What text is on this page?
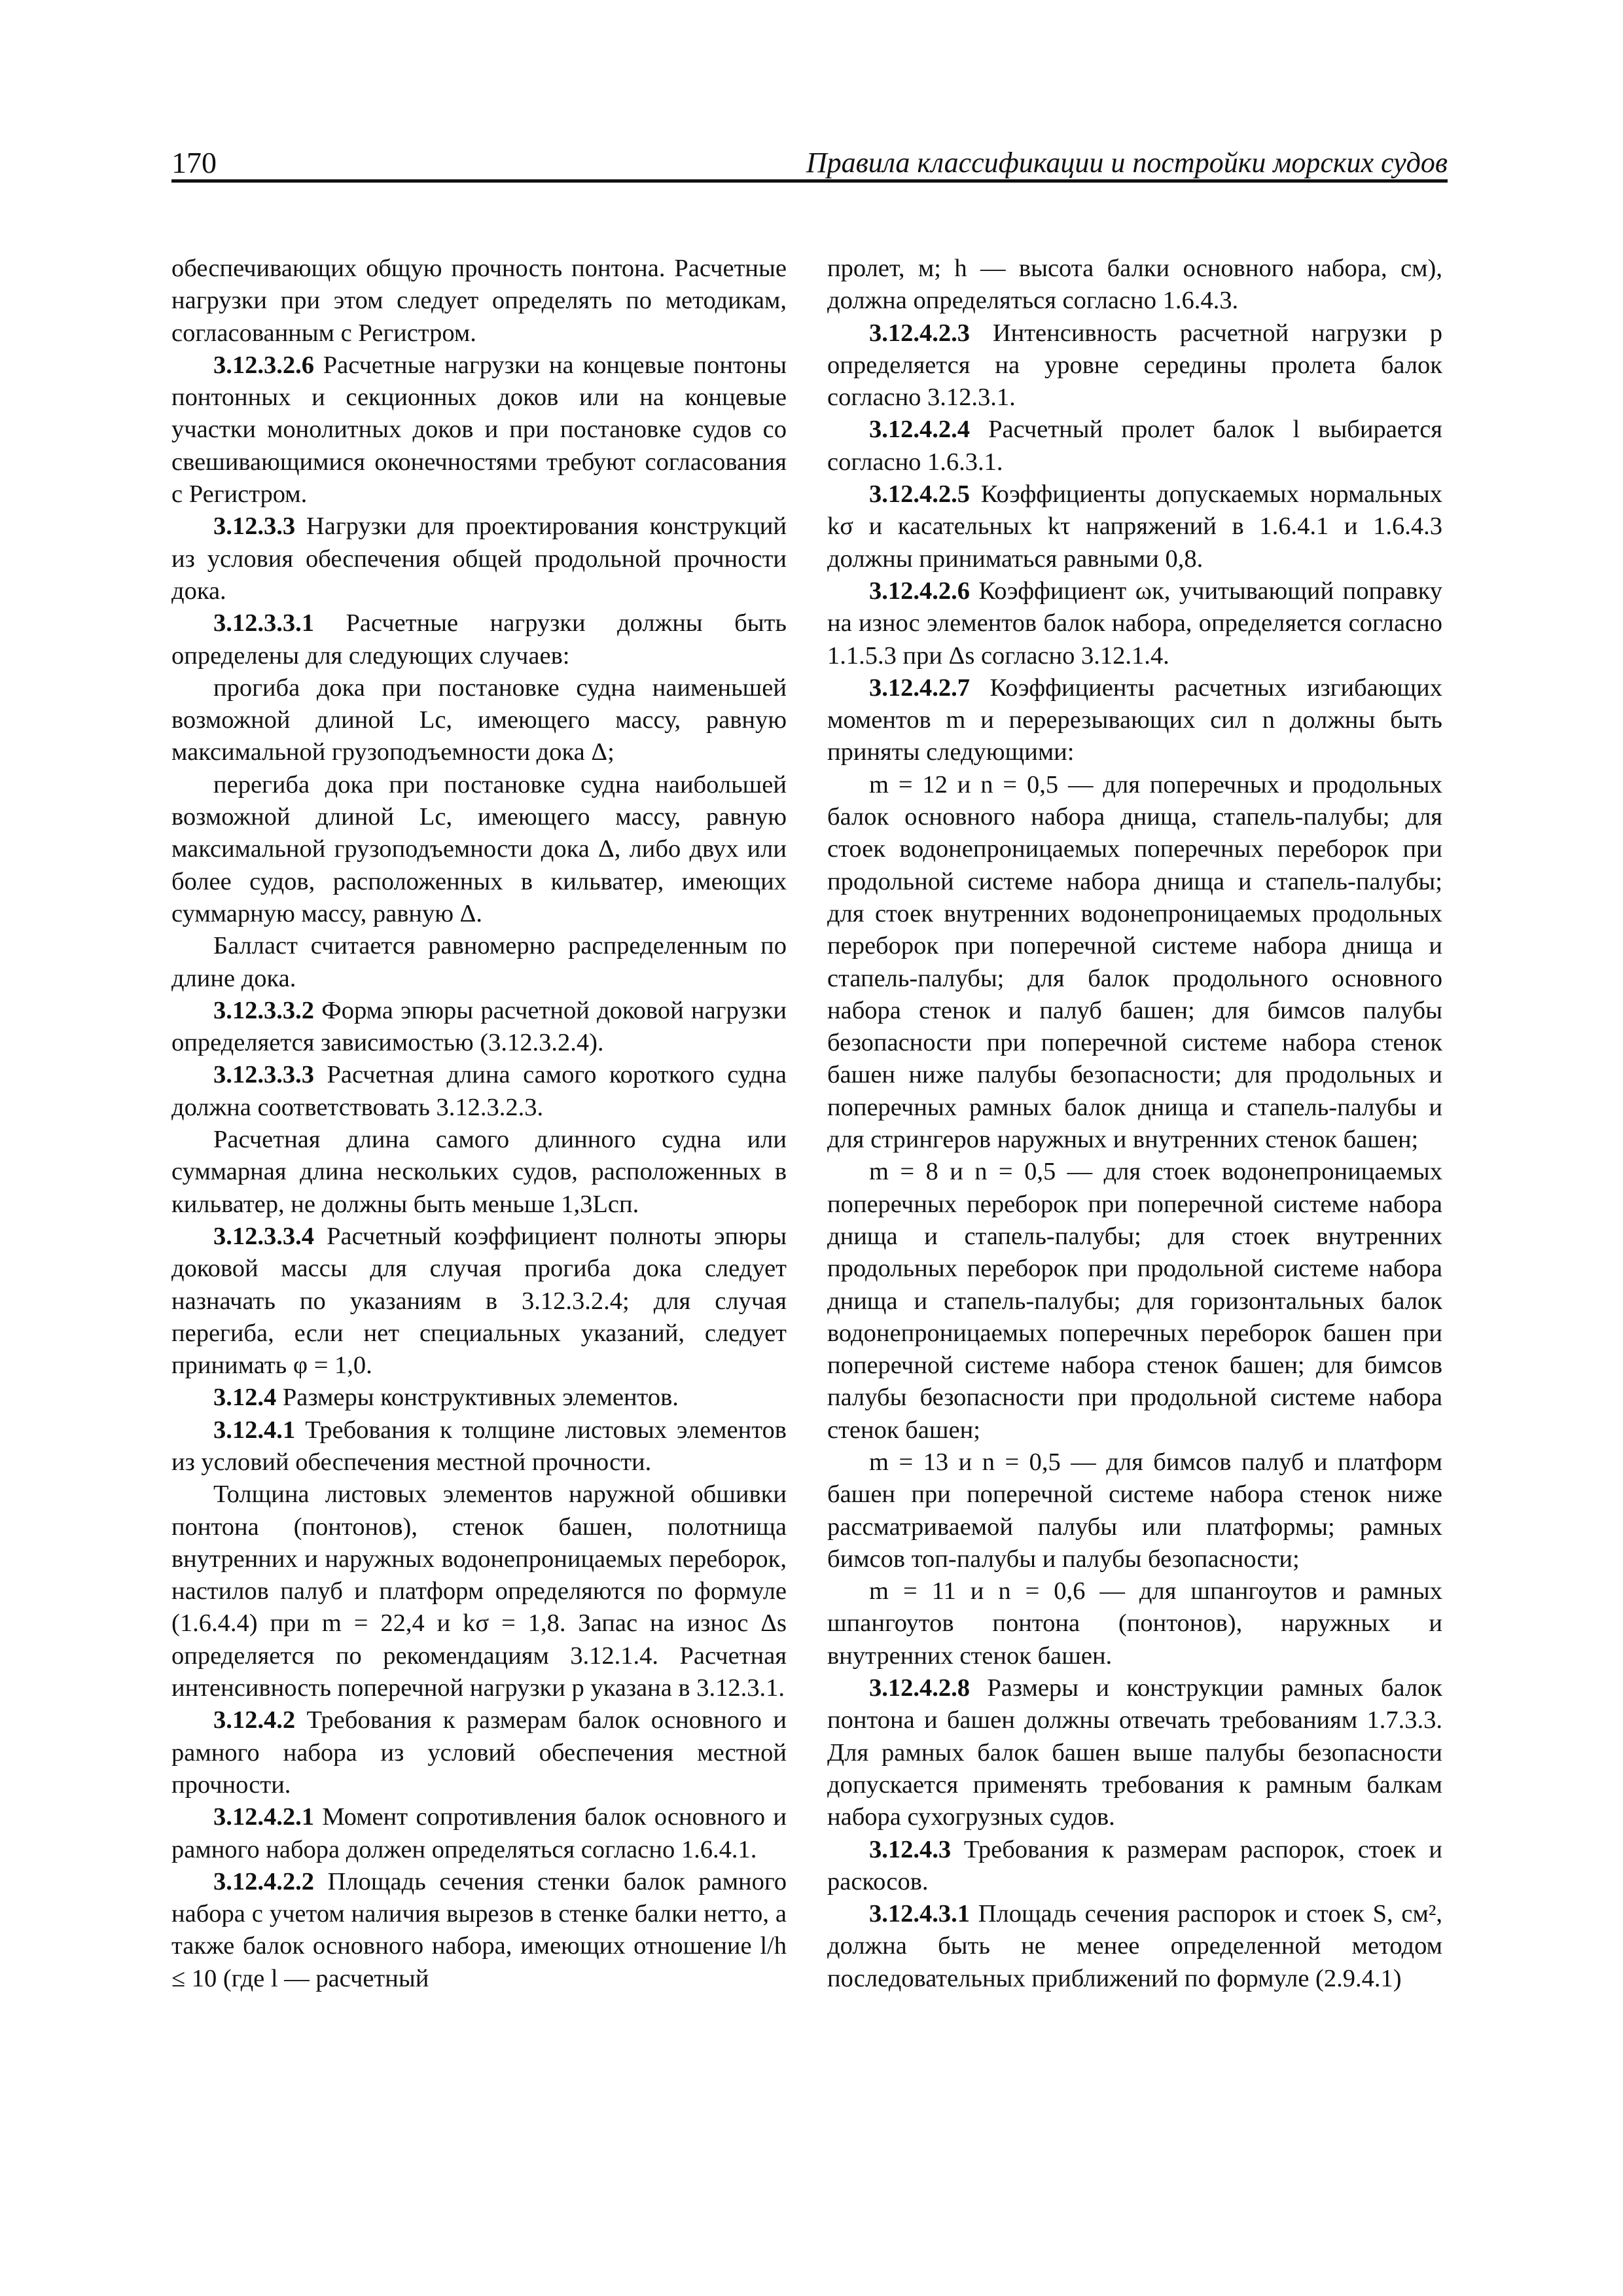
170	Правила классификации и постройки морских судов

обеспечивающих общую прочность понтона. Расчетные нагрузки при этом следует определять по методикам, согласованным с Регистром.

3.12.3.2.6 Расчетные нагрузки на концевые понтоны понтонных и секционных доков или на концевые участки монолитных доков и при постановке судов со свешивающимися оконечностями требуют согласования с Регистром.

3.12.3.3 Нагрузки для проектирования конструкций из условия обеспечения общей продольной прочности дока.

3.12.3.3.1 Расчетные нагрузки должны быть определены для следующих случаев:

прогиба дока при постановке судна наименьшей возможной длиной Lс, имеющего массу, равную максимальной грузоподъемности дока Δ;

перегиба дока при постановке судна наибольшей возможной длиной Lс, имеющего массу, равную максимальной грузоподъемности дока Δ, либо двух или более судов, расположенных в кильватер, имеющих суммарную массу, равную Δ.

Балласт считается равномерно распределенным по длине дока.

3.12.3.3.2 Форма эпюры расчетной доковой нагрузки определяется зависимостью (3.12.3.2.4).

3.12.3.3.3 Расчетная длина самого короткого судна должна соответствовать 3.12.3.2.3.

Расчетная длина самого длинного судна или суммарная длина нескольких судов, расположенных в кильватер, не должны быть меньше 1,3Lсп.

3.12.3.3.4 Расчетный коэффициент полноты эпюры доковой массы для случая прогиба дока следует назначать по указаниям в 3.12.3.2.4; для случая перегиба, если нет специальных указаний, следует принимать φ = 1,0.

3.12.4 Размеры конструктивных элементов.

3.12.4.1 Требования к толщине листовых элементов из условий обеспечения местной прочности.

Толщина листовых элементов наружной обшивки понтона (понтонов), стенок башен, полотнища внутренних и наружных водонепроницаемых переборок, настилов палуб и платформ определяются по формуле (1.6.4.4) при m = 22,4 и kσ = 1,8. Запас на износ Δs определяется по рекомендациям 3.12.1.4. Расчетная интенсивность поперечной нагрузки p указана в 3.12.3.1.

3.12.4.2 Требования к размерам балок основного и рамного набора из условий обеспечения местной прочности.

3.12.4.2.1 Момент сопротивления балок основного и рамного набора должен определяться согласно 1.6.4.1.

3.12.4.2.2 Площадь сечения стенки балок рамного набора с учетом наличия вырезов в стенке балки нетто, а также балок основного набора, имеющих отношение l/h ≤ 10 (где l — расчетный

пролет, м; h — высота балки основного набора, см), должна определяться согласно 1.6.4.3.

3.12.4.2.3 Интенсивность расчетной нагрузки p определяется на уровне середины пролета балок согласно 3.12.3.1.

3.12.4.2.4 Расчетный пролет балок l выбирается согласно 1.6.3.1.

3.12.4.2.5 Коэффициенты допускаемых нормальных kσ и касательных kτ напряжений в 1.6.4.1 и 1.6.4.3 должны приниматься равными 0,8.

3.12.4.2.6 Коэффициент ωк, учитывающий поправку на износ элементов балок набора, определяется согласно 1.1.5.3 при Δs согласно 3.12.1.4.

3.12.4.2.7 Коэффициенты расчетных изгибающих моментов m и перерезывающих сил n должны быть приняты следующими:

m = 12 и n = 0,5 — для поперечных и продольных балок основного набора днища, стапель-палубы; для стоек водонепроницаемых поперечных переборок при продольной системе набора днища и стапель-палубы; для стоек внутренних водонепроницаемых продольных переборок при поперечной системе набора днища и стапель-палубы; для балок продольного основного набора стенок и палуб башен; для бимсов палубы безопасности при поперечной системе набора стенок башен ниже палубы безопасности; для продольных и поперечных рамных балок днища и стапель-палубы и для стрингеров наружных и внутренних стенок башен;

m = 8 и n = 0,5 — для стоек водонепроницаемых поперечных переборок при поперечной системе набора днища и стапель-палубы; для стоек внутренних продольных переборок при продольной системе набора днища и стапель-палубы; для горизонтальных балок водонепроницаемых поперечных переборок башен при поперечной системе набора стенок башен; для бимсов палубы безопасности при продольной системе набора стенок башен;

m = 13 и n = 0,5 — для бимсов палуб и платформ башен при поперечной системе набора стенок ниже рассматриваемой палубы или платформы; рамных бимсов топ-палубы и палубы безопасности;

m = 11 и n = 0,6 — для шпангоутов и рамных шпангоутов понтона (понтонов), наружных и внутренних стенок башен.

3.12.4.2.8 Размеры и конструкции рамных балок понтона и башен должны отвечать требованиям 1.7.3.3. Для рамных балок башен выше палубы безопасности допускается применять требования к рамным балкам набора сухогрузных судов.

3.12.4.3 Требования к размерам распорок, стоек и раскосов.

3.12.4.3.1 Площадь сечения распорок и стоек S, см², должна быть не менее определенной методом последовательных приближений по формуле (2.9.4.1)
